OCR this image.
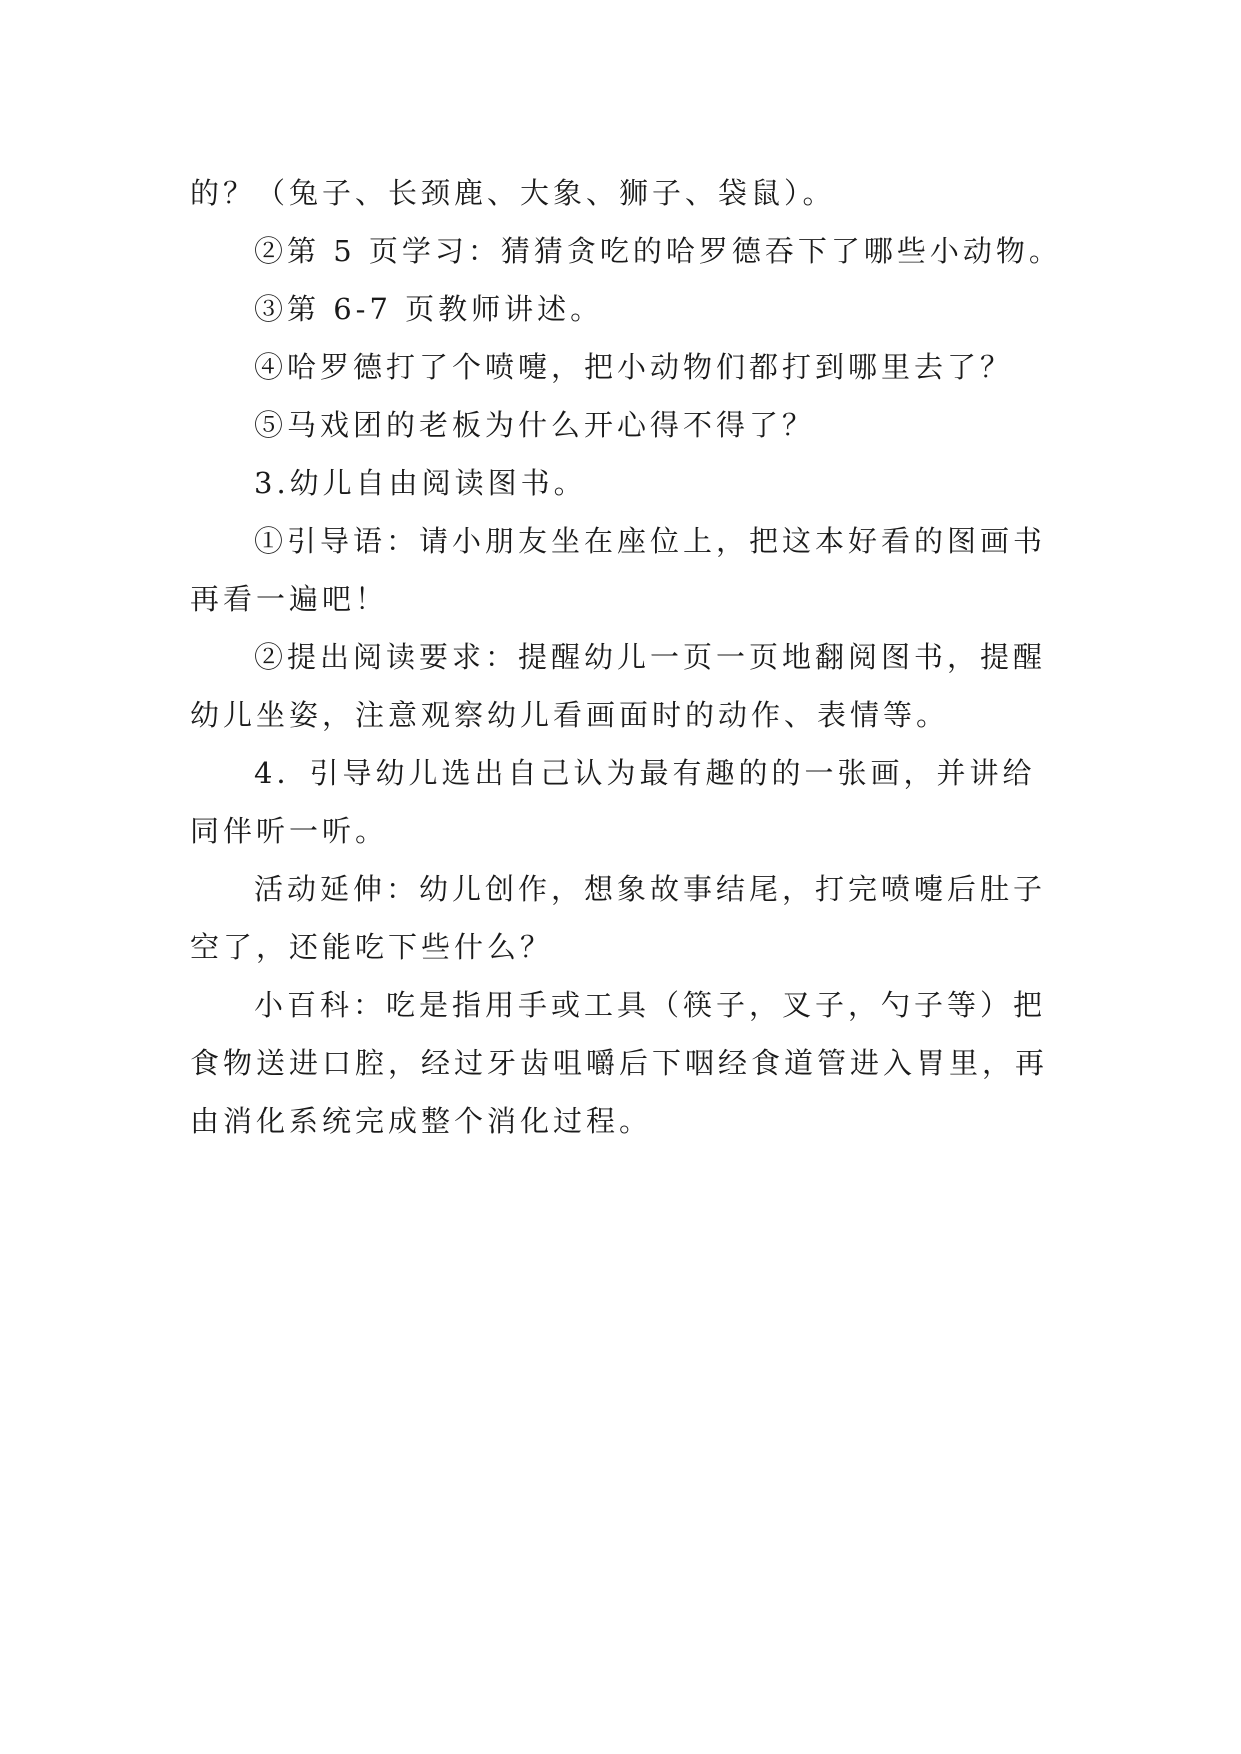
的？（兔子、长颈鹿、大象、狮子、袋鼠）。

②第 5 页学习：猜猜贪吃的哈罗德吞下了哪些小动物。

③第 6-7 页教师讲述。

④哈罗德打了个喷嚏，把小动物们都打到哪里去了？

⑤马戏团的老板为什么开心得不得了？

3.幼儿自由阅读图书。

①引导语：请小朋友坐在座位上，把这本好看的图画书

再看一遍吧！

②提出阅读要求：提醒幼儿一页一页地翻阅图书，提醒

幼儿坐姿，注意观察幼儿看画面时的动作、表情等。

4．引导幼儿选出自己认为最有趣的的一张画，并讲给

同伴听一听。

活动延伸：幼儿创作，想象故事结尾，打完喷嚏后肚子

空了，还能吃下些什么？

小百科：吃是指用手或工具（筷子，叉子，勺子等）把

食物送进口腔，经过牙齿咀嚼后下咽经食道管进入胃里，再

由消化系统完成整个消化过程。
